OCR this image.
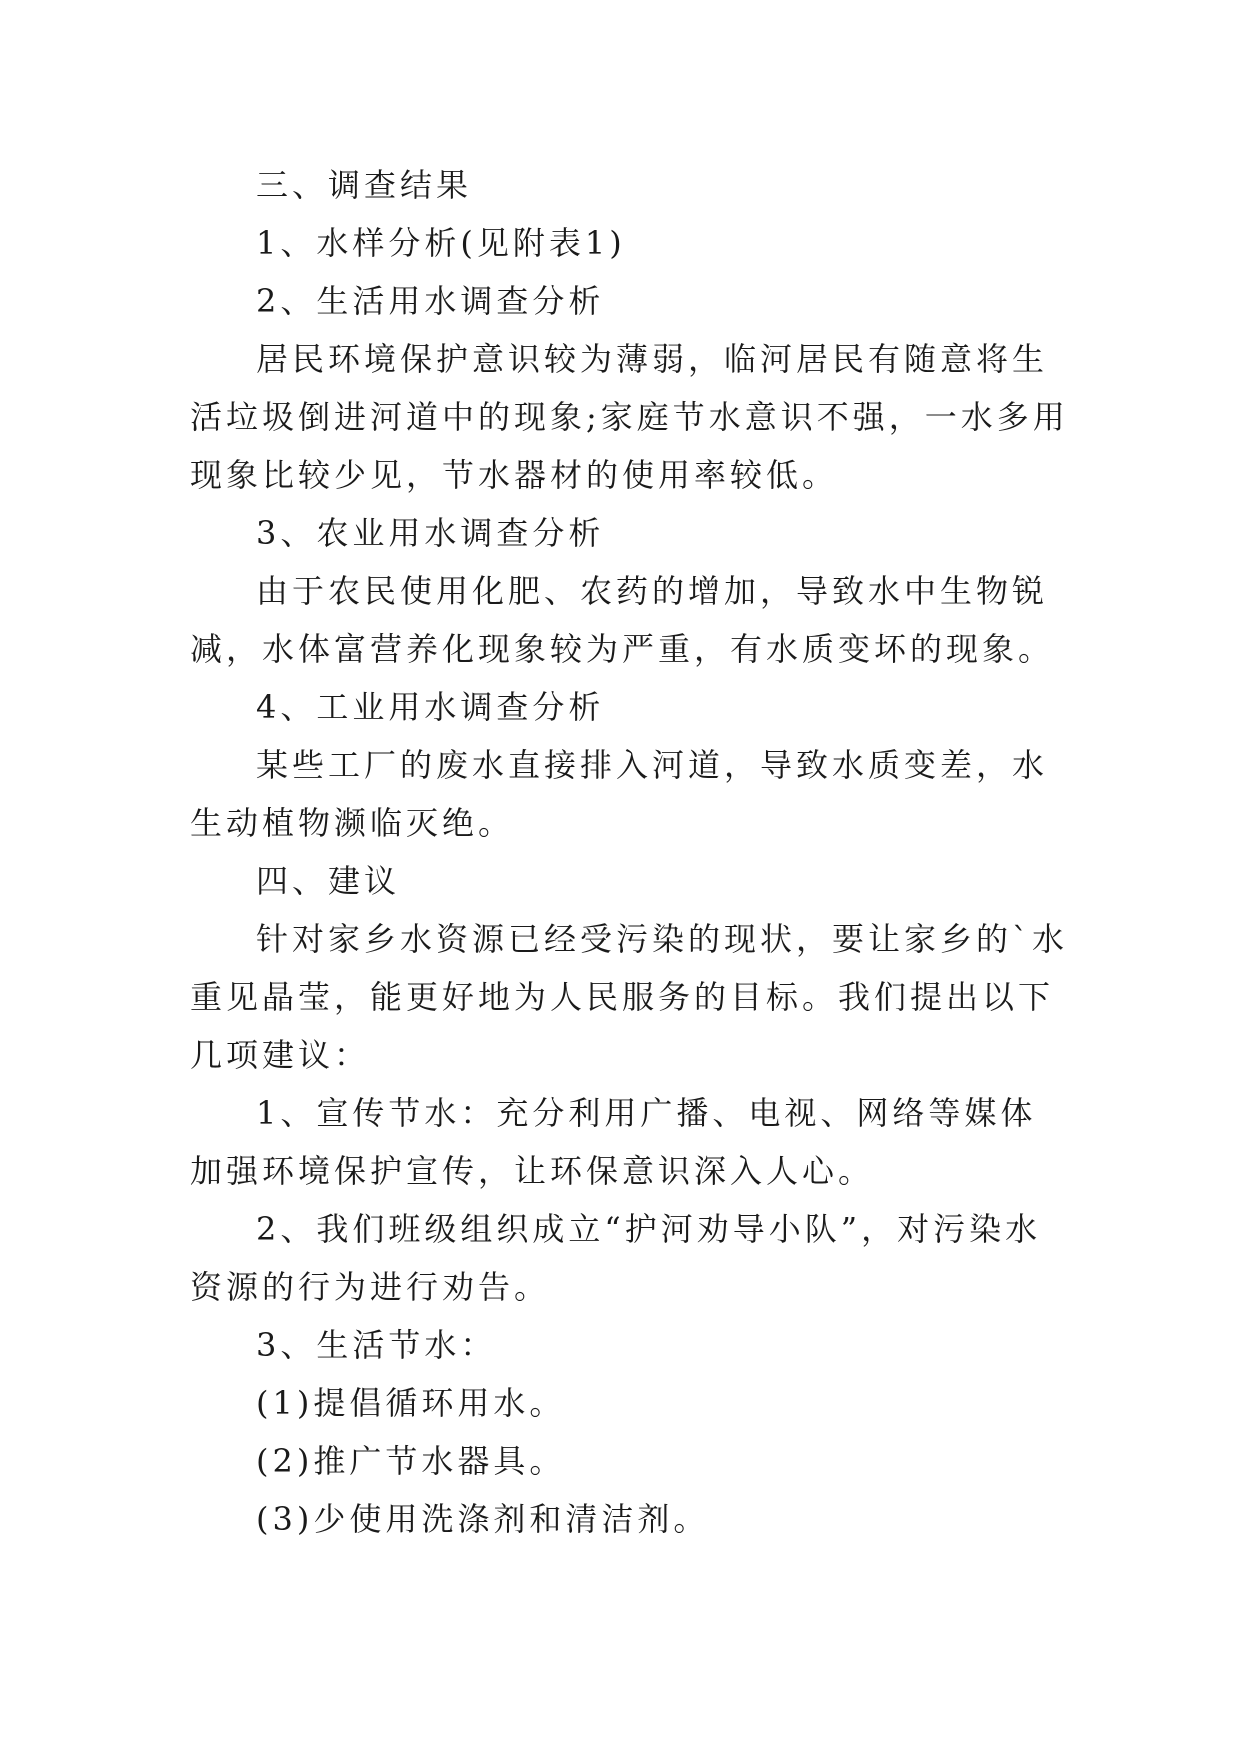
三、调查结果

1、水样分析(见附表1)

2、生活用水调查分析

居民环境保护意识较为薄弱，临河居民有随意将生活垃圾倒进河道中的现象;家庭节水意识不强，一水多用现象比较少见，节水器材的使用率较低。

3、农业用水调查分析

由于农民使用化肥、农药的增加，导致水中生物锐减，水体富营养化现象较为严重，有水质变坏的现象。

4、工业用水调查分析

某些工厂的废水直接排入河道，导致水质变差，水生动植物濒临灭绝。

四、建议

针对家乡水资源已经受污染的现状，要让家乡的`水重见晶莹，能更好地为人民服务的目标。我们提出以下几项建议：

1、宣传节水：充分利用广播、电视、网络等媒体加强环境保护宣传，让环保意识深入人心。

2、我们班级组织成立“护河劝导小队”，对污染水资源的行为进行劝告。

3、生活节水：

(1)提倡循环用水。

(2)推广节水器具。

(3)少使用洗涤剂和清洁剂。
